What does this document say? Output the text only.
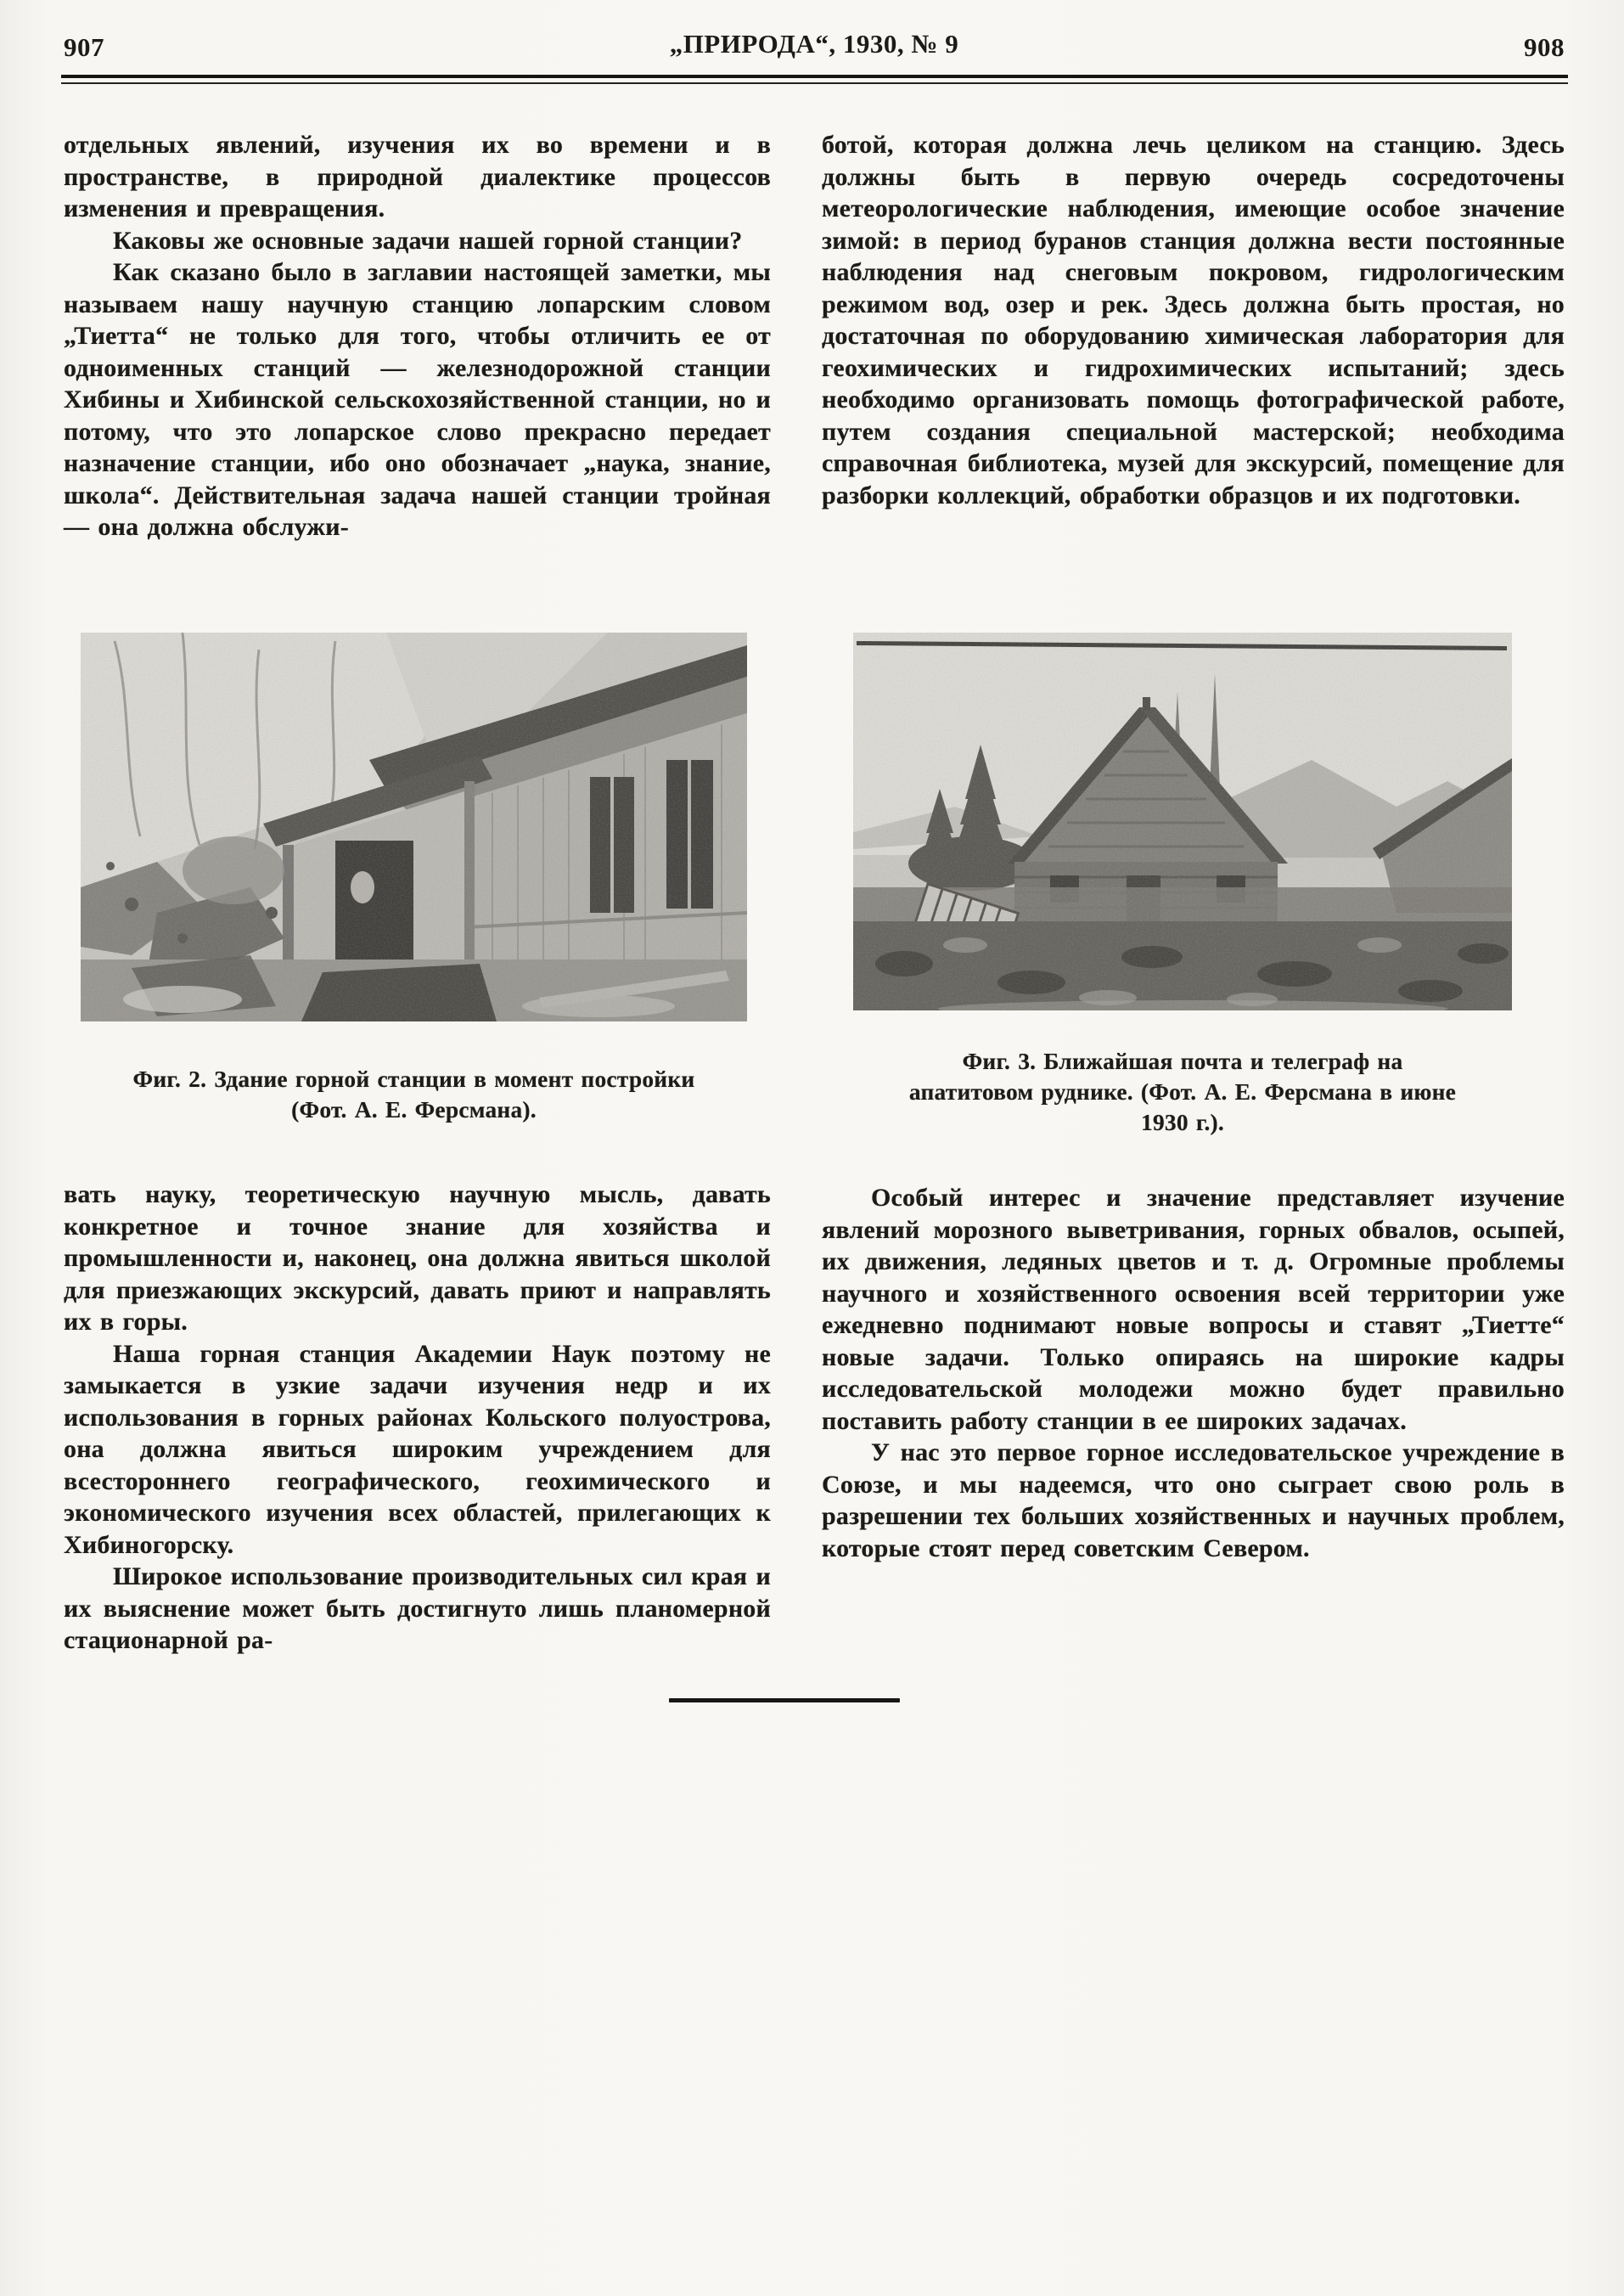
907	„ПРИРОДА“, 1930, № 9	908

отдельных явлений, изучения их во времени и в пространстве, в природной диалектике процессов изменения и превращения.

Каковы же основные задачи нашей горной станции?

Как сказано было в заглавии настоящей заметки, мы называем нашу научную станцию лопарским словом „Тиетта“ не только для того, чтобы отличить ее от одноименных станций — железнодорожной станции Хибины и Хибинской сельскохозяйственной станции, но и потому, что это лопарское слово прекрасно передает назначение станции, ибо оно обозначает „наука, знание, школа“. Действительная задача нашей станции тройная — она должна обслужи-

ботой, которая должна лечь целиком на станцию. Здесь должны быть в первую очередь сосредоточены метеорологические наблюдения, имеющие особое значение зимой: в период буранов станция должна вести постоянные наблюдения над снеговым покровом, гидрологическим режимом вод, озер и рек. Здесь должна быть простая, но достаточная по оборудованию химическая лаборатория для геохимических и гидрохимических испытаний; здесь необходимо организовать помощь фотографической работе, путем создания специальной мастерской; необходима справочная библиотека, музей для экскурсий, помещение для разборки коллекций, обработки образцов и их подготовки.

Фиг. 2. Здание горной станции в момент постройки (Фот. А. Е. Ферсмана).
Фиг. 3. Ближайшая почта и телеграф на апатитовом руднике. (Фот. А. Е. Ферсмана в июне 1930 г.).

вать науку, теоретическую научную мысль, давать конкретное и точное знание для хозяйства и промышленности и, наконец, она должна явиться школой для приезжающих экскурсий, давать приют и направлять их в горы.

Наша горная станция Академии Наук поэтому не замыкается в узкие задачи изучения недр и их использования в горных районах Кольского полуострова, она должна явиться широким учреждением для всестороннего географического, геохимического и экономического изучения всех областей, прилегающих к Хибиногорску.

Широкое использование производительных сил края и их выяснение может быть достигнуто лишь планомерной стационарной ра-

Особый интерес и значение представляет изучение явлений морозного выветривания, горных обвалов, осыпей, их движения, ледяных цветов и т. д. Огромные проблемы научного и хозяйственного освоения всей территории уже ежедневно поднимают новые вопросы и ставят „Тиетте“ новые задачи. Только опираясь на широкие кадры исследовательской молодежи можно будет правильно поставить работу станции в ее широких задачах.

У нас это первое горное исследовательское учреждение в Союзе, и мы надеемся, что оно сыграет свою роль в разрешении тех больших хозяйственных и научных проблем, которые стоят перед советским Севером.
